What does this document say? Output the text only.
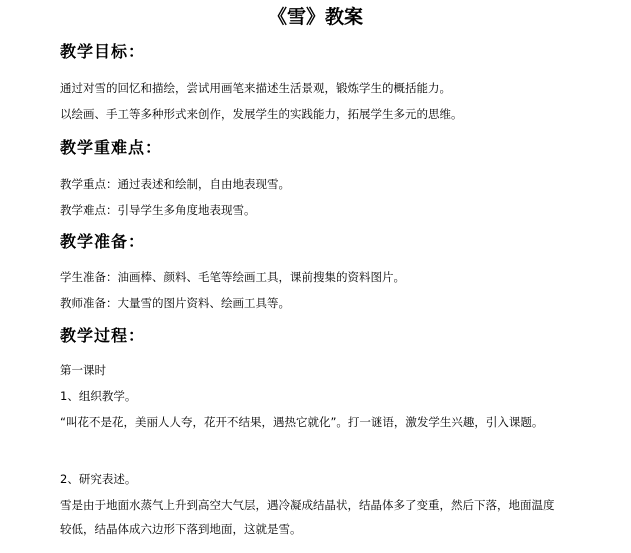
《雪》教案
教学目标：
通过对雪的回忆和描绘，尝试用画笔来描述生活景观，锻炼学生的概括能力。
以绘画、手工等多种形式来创作，发展学生的实践能力，拓展学生多元的思维。
教学重难点：
教学重点：通过表述和绘制，自由地表现雪。
教学难点：引导学生多角度地表现雪。
教学准备：
学生准备：油画棒、颜料、毛笔等绘画工具，课前搜集的资料图片。
教师准备：大量雪的图片资料、绘画工具等。
教学过程：
第一课时
1、组织教学。
“叫花不是花，美丽人人夸，花开不结果，遇热它就化”。打一谜语，激发学生兴趣，引入课题。
2、研究表述。
雪是由于地面水蒸气上升到高空大气层，遇冷凝成结晶状，结晶体多了变重，然后下落，地面温度较低，结晶体成六边形下落到地面，这就是雪。
